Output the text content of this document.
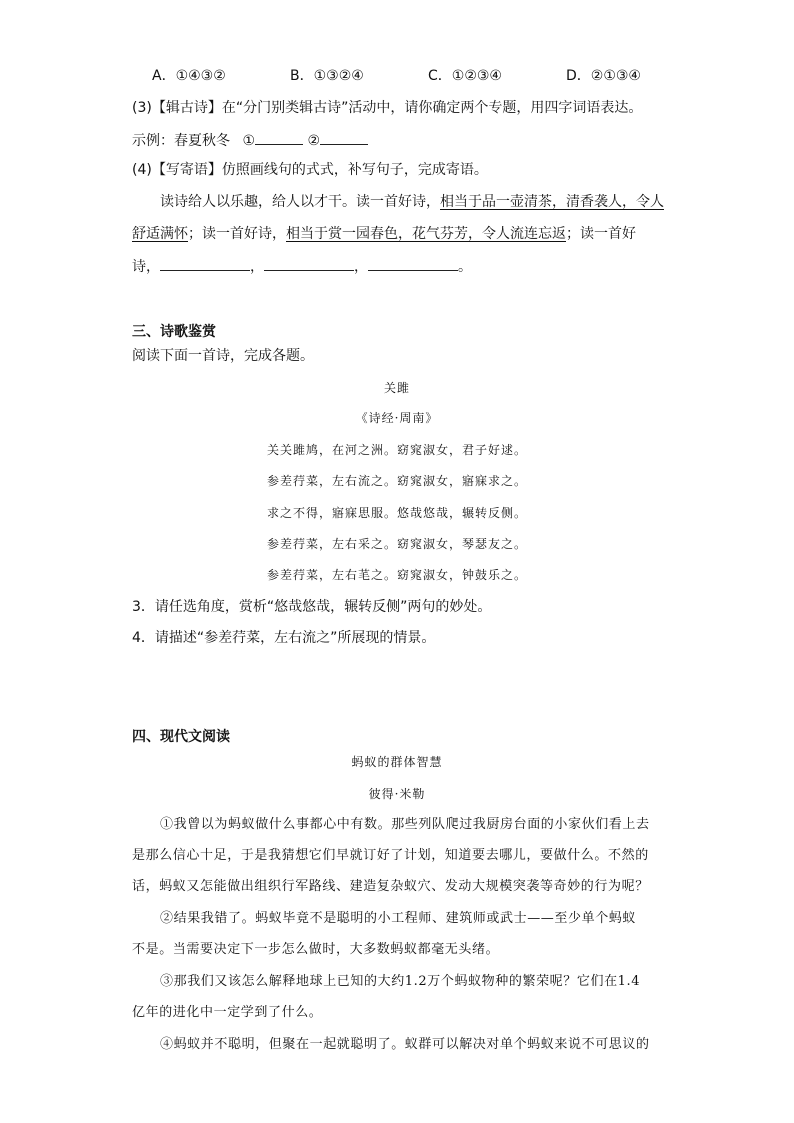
A．①④③②	B．①③②④	C．①②③④	D．②①③④
(3)【辑古诗】在“分门别类辑古诗”活动中，请你确定两个专题，用四字词语表达。
示例：春夏秋冬 ①	②
(4)【写寄语】仿照画线句的式式，补写句子，完成寄语。
读诗给人以乐趣，给人以才干。读一首好诗，相当于品一壶清茶，清香袭人，令人
舒适满怀；读一首好诗，相当于赏一园春色，花气芬芳，令人流连忘返；读一首好
诗，	，	，	。
三、诗歌鉴赏
阅读下面一首诗，完成各题。
关雎
《诗经·周南》
关关雎鸠，在河之洲。窈窕淑女，君子好逑。
参差荇菜，左右流之。窈窕淑女，寤寐求之。
求之不得，寤寐思服。悠哉悠哉，辗转反侧。
参差荇菜，左右采之。窈窕淑女，琴瑟友之。
参差荇菜，左右芼之。窈窕淑女，钟鼓乐之。
3．请任选角度，赏析“悠哉悠哉，辗转反侧”两句的妙处。
4．请描述“参差荇菜，左右流之”所展现的情景。
四、现代文阅读
蚂蚁的群体智慧
彼得·米勒
①我曾以为蚂蚁做什么事都心中有数。那些列队爬过我厨房台面的小家伙们看上去
是那么信心十足，于是我猜想它们早就订好了计划，知道要去哪儿，要做什么。不然的
话，蚂蚁又怎能做出组织行军路线、建造复杂蚁穴、发动大规模突袭等奇妙的行为呢？
②结果我错了。蚂蚁毕竟不是聪明的小工程师、建筑师或武士——至少单个蚂蚁
不是。当需要决定下一步怎么做时，大多数蚂蚁都毫无头绪。
③那我们又该怎么解释地球上已知的大约1.2万个蚂蚁物种的繁荣呢？它们在1.4
亿年的进化中一定学到了什么。
④蚂蚁并不聪明，但聚在一起就聪明了。蚁群可以解决对单个蚂蚁来说不可思议的
